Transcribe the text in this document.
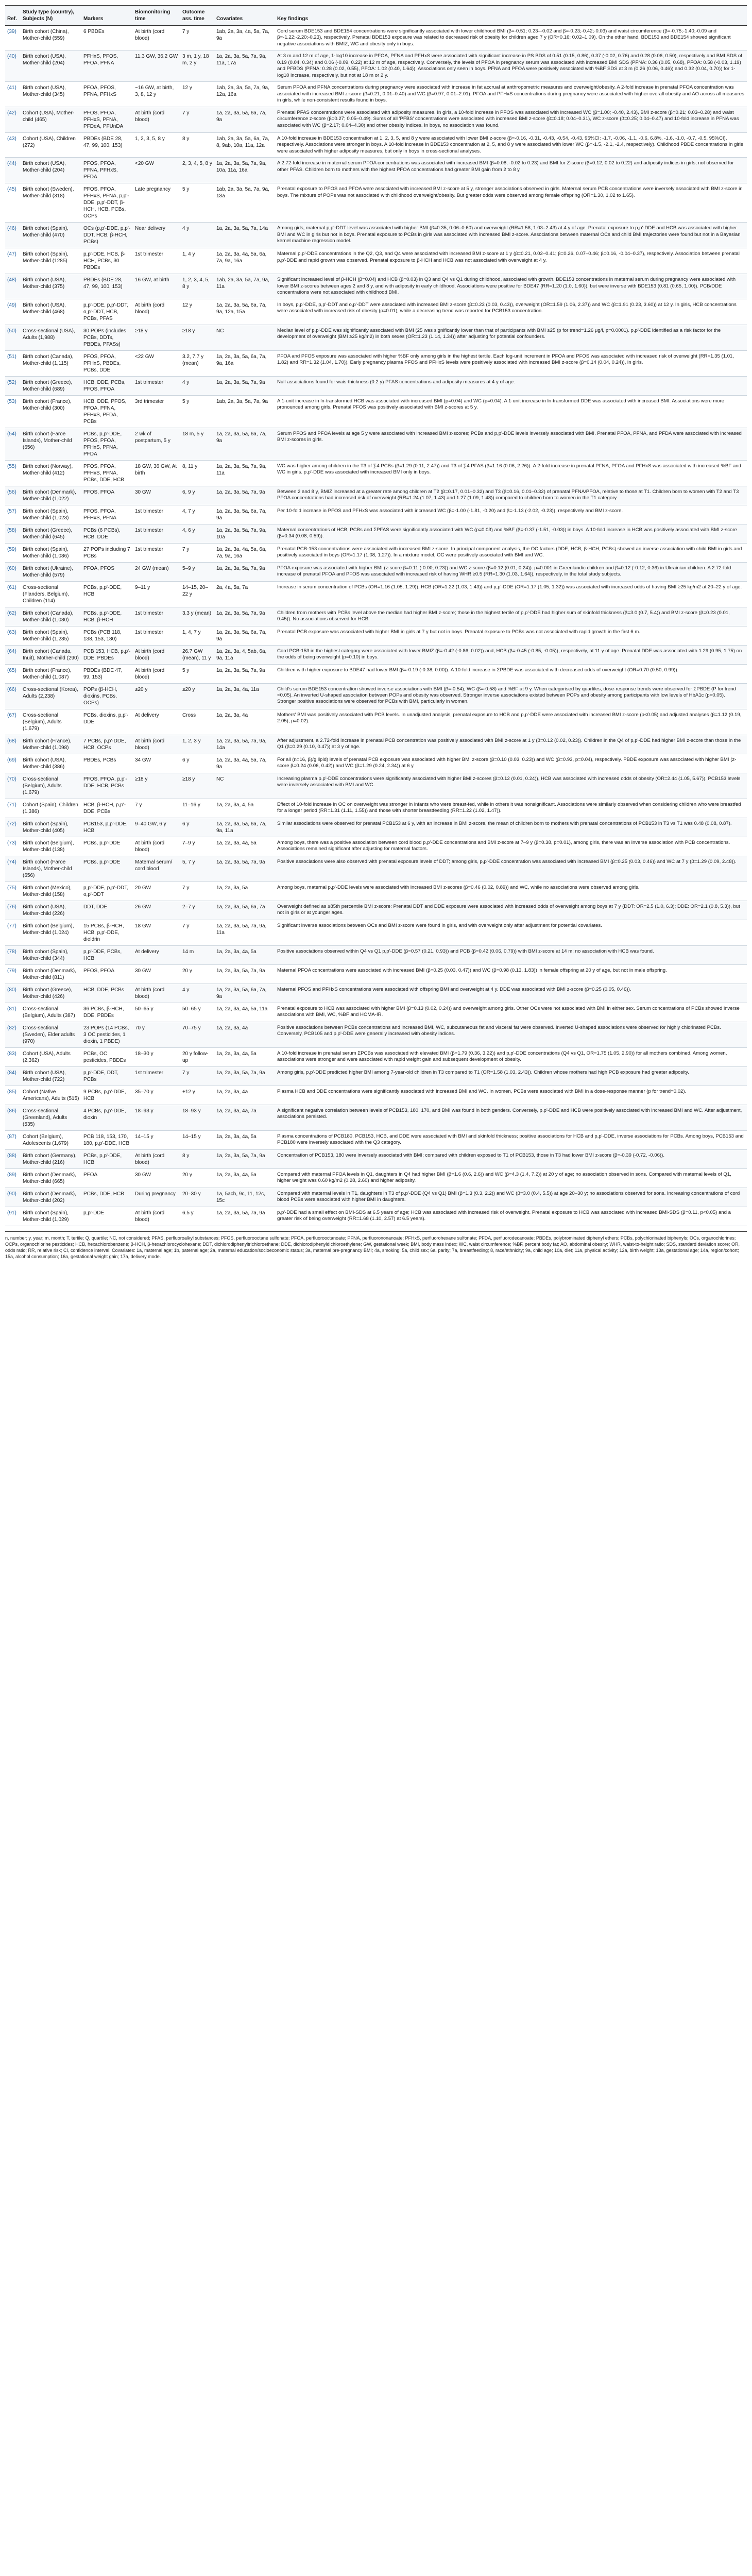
Ref.	Study type (country), Subjects (N)	Markers	Biomonitoring time	Outcome ass. time	Covariates	Key findings
(39)	Birth cohort (China), Mother-child (559)	6 PBDEs	At birth (cord blood)	7 y	1ab, 2a, 3a, 4a, 5a, 7a, 9a	Cord serum BDE153 and BDE154 concentrations were significantly associated with lower childhood BMI (β=-0.51; 0.23–-0.02 and β=-0.23;-0.42;-0.03) and waist circumference (β=-0.75;-1.40;-0.09 and β=-1.22;-2.20;-0.23), respectively. Prenatal BDE153 exposure was related to decreased risk of obesity for children aged 7 y (OR=0.16; 0.02–1.09). On the other hand, BDE153 and BDE154 showed significant negative associations with BMIZ, WC and obesity only in boys.
(40)	Birth cohort (USA), Mother-child (204)	PFHxS, PFOS, PFOA, PFNA	11.3 GW, 36.2 GW	3 m, 1 y, 18 m, 2 y	1a, 2a, 3a, 5a, 7a, 9a, 11a, 17a	At 3 m and 12 m of age, 1-log10 increase in PFOA, PFNA and PFHxS were associated with significant increase in PS BDS of 0.51 (0.15, 0.86), 0.37 (-0.02, 0.76) and 0.28 (0.06, 0.50), respectively and BMI SDS of 0.19 (0.04, 0.34) and 0.06 (-0.09, 0.22) at 12 m of age, respectively. Conversely, the levels of PFOA in pregnancy serum was associated with increased BMI SDS (PFNA: 0.36 (0.05, 0.68), PFOA: 0.58 (-0.03, 1.19) and PFBDS (PFNA: 0.28 (0.02, 0.55), PFOA: 1.02 (0.40, 1.64)). Associations only seen in boys. PFNA and PFOA were positively associated with %BF SDS at 3 m (0.26 (0.06, 0.46)) and 0.32 (0.04, 0.70)) for 1-log10 increase, respectively, but not at 18 m or 2 y.
(41)	Birth cohort (USA), Mother-child (345)	PFOA, PFOS, PFNA, PFHxS	~16 GW, at birth, 3, 8, 12 y	12 y	1ab, 2a, 3a, 5a, 7a, 9a, 12a, 16a	Serum PFOA and PFNA concentrations during pregnancy were associated with increase in fat accrual at anthropometric measures and overweight/obesity. A 2-fold increase in prenatal PFOA concentration was associated with increased BMI z-score (β=0.21, 0.01–0.40) and WC (β=0.97, 0.01–2.01). PFOA and PFHxS concentrations during pregnancy were associated with higher overall obesity and AO across all measures in girls, while non-consistent results found in boys.
(42)	Cohort (USA), Mother-child (465)	PFOS, PFOA, PFHxS, PFNA, PFDeA, PFUnDA	At birth (cord blood)	7 y	1a, 2a, 3a, 5a, 6a, 7a, 9a	Prenatal PFAS concentrations were associated with adiposity measures. In girls, a 10-fold increase in PFOS was associated with increased WC (β=1.00; -0.40, 2.43), BMI z-score (β=0.21; 0.03–0.28) and waist circumference z-score (β=0.27; 0.05–0.49). Sums of all 'PFBS' concentrations were associated with increased BMI z-score (β=0.18; 0.04–0.31), WC z-score (β=0.25; 0.04–0.47) and 10-fold increase in PFNA was associated with WC (β=2.17; 0.04–4.30) and other obesity indices. In boys, no association was found.
(43)	Cohort (USA), Children (272)	PBDEs (BDE 28, 47, 99, 100, 153)	1, 2, 3, 5, 8 y	8 y	1ab, 2a, 3a, 5a, 6a, 7a, 8, 9ab, 10a, 11a, 12a	A 10-fold increase in BDE153 concentration at 1, 2, 3, 5, and 8 y were associated with lower BMI z-score (β=-0.16, -0.31, -0.43, -0.54, -0.43, 95%CI: -1.7, -0.06, -1.1, -0.6, 6.8%, -1.6, -1.0, -0.7, -0.5, 95%CI), respectively. Associations were stronger in boys. A 10-fold increase in BDE153 concentration at 2, 5, and 8 y were associated with lower WC (β=-1.5, -2.1, -2.4, respectively). Childhood PBDE concentrations in girls were associated with higher adiposity measures, but only in boys in cross-sectional analyses.
(44)	Birth cohort (USA), Mother-child (204)	PFOS, PFOA, PFNA, PFHxS, PFDA	<20 GW	2, 3, 4, 5, 8 y	1a, 2a, 3a, 5a, 7a, 9a, 10a, 11a, 16a	A 2.72-fold increase in maternal serum PFOA concentrations was associated with increased BMI (β=0.08, -0.02 to 0.23) and BMI for Z-score (β=0.12, 0.02 to 0.22) and adiposity indices in girls; not observed for other PFAS. Children born to mothers with the highest PFOA concentrations had greater BMI gain from 2 to 8 y.
(45)	Birth cohort (Sweden), Mother-child (318)	PFOS, PFOA, PFHxS, PFNA, p,p'-DDE, p,p'-DDT, β-HCH, HCB, PCBs, OCPs	Late pregnancy	5 y	1ab, 2a, 3a, 5a, 7a, 9a, 13a	Prenatal exposure to PFOS and PFOA were associated with increased BMI z-score at 5 y, stronger associations observed in girls. Maternal serum PCB concentrations were inversely associated with BMI z-score in boys. The mixture of POPs was not associated with childhood overweight/obesity. But greater odds were observed among female offspring (OR=1.30, 1.02 to 1.65).
(46)	Birth cohort (Spain), Mother-child (470)	OCs (p,p'-DDE, p,p'-DDT, HCB, β-HCH, PCBs)	Near delivery	4 y	1a, 2a, 3a, 5a, 7a, 14a	Among girls, maternal p,p'-DDT level was associated with higher BMI (β=0.35, 0.06–0.60) and overweight (RR=1.58, 1.03–2.43) at 4 y of age. Prenatal exposure to p,p'-DDE and HCB was associated with higher BMI and WC in girls but not in boys. Prenatal exposure to PCBs in girls was associated with increased BMI z-score. Associations between maternal OCs and child BMI trajectories were found but not in a Bayesian kernel machine regression model.
(47)	Birth cohort (Spain), Mother-child (1285)	p,p'-DDE, HCB, β-HCH, PCBs, 30 PBDEs	1st trimester	1, 4 y	1a, 2a, 3a, 4a, 5a, 6a, 7a, 9a, 16a	Maternal p,p'-DDE concentrations in the Q2, Q3, and Q4 were associated with increased BMI z-score at 1 y (β=0.21, 0.02–0.41; β=0.26, 0.07–0.46; β=0.16, -0.04–0.37), respectively. Association between prenatal p,p'-DDE and rapid growth was observed. Prenatal exposure to β-HCH and HCB was not associated with overweight at 4 y.
(48)	Birth cohort (USA), Mother-child (375)	PBDEs (BDE 28, 47, 99, 100, 153)	16 GW, at birth	1, 2, 3, 4, 5, 8 y	1ab, 2a, 3a, 5a, 7a, 9a, 11a	Significant increased level of β-HCH (β=0.04) and HCB (β=0.03) in Q3 and Q4 vs Q1 during childhood, associated with growth. BDE153 concentrations in maternal serum during pregnancy were associated with lower BMI z-scores between ages 2 and 8 y, and with adiposity in early childhood. Associations were positive for BDE47 (RR=1.20 (1.0, 1.60)), but were inverse with BDE153 (0.81 (0.65, 1.00)). PCB/DDE concentrations were not associated with childhood BMI.
(49)	Birth cohort (USA), Mother-child (468)	p,p'-DDE, p,p'-DDT, o,p'-DDT, HCB, PCBs, PFAS	At birth (cord blood)	12 y	1a, 2a, 3a, 5a, 6a, 7a, 9a, 12a, 15a	In boys, p,p'-DDE, p,p'-DDT and o,p'-DDT were associated with increased BMI z-score (β=0.23 (0.03, 0.43)), overweight (OR=1.59 (1.06, 2.37)) and WC (β=1.91 (0.23, 3.60)) at 12 y. In girls, HCB concentrations were associated with increased risk of obesity (p=0.01), while a decreasing trend was reported for PCB153 concentration.
(50)	Cross-sectional (USA), Adults (1,988)	30 POPs (includes PCBs, DDTs, PBDEs, PFASs)	≥18 y	≥18 y	NC	Median level of p,p'-DDE was significantly associated with BMI (25 was significantly lower than that of participants with BMI ≥25 (p for trend=1.26 μg/l, p=0.0001). p,p'-DDE identified as a risk factor for the development of overweight (BMI ≥25 kg/m2) in both sexes (OR=1.23 (1.14, 1.34)) after adjusting for potential confounders.
(51)	Birth cohort (Canada), Mother-child (1,115)	PFOS, PFOA, PFHxS, PBDEs, PCBs, DDE	<22 GW	3.2, 7.7 y (mean)	1a, 2a, 3a, 5a, 6a, 7a, 9a, 16a	PFOA and PFOS exposure was associated with higher %BF only among girls in the highest tertile. Each log-unit increment in PFOA and PFOS was associated with increased risk of overweight (RR=1.35 (1.01, 1.82) and RR=1.32 (1.04, 1.70)). Early pregnancy plasma PFOS and PFHxS levels were positively associated with increased BMI z-score (β=0.14 (0.04, 0.24)), in girls.
(52)	Birth cohort (Greece), Mother-child (689)	HCB, DDE, PCBs, PFOS, PFOA	1st trimester	4 y	1a, 2a, 3a, 5a, 7a, 9a	Null associations found for wais-thickness (0.2 y) PFAS concentrations and adiposity measures at 4 y of age.
(53)	Birth cohort (France), Mother-child (300)	HCB, DDE, PFOS, PFOA, PFNA, PFHxS, PFDA, PCBs	3rd trimester	5 y	1ab, 2a, 3a, 5a, 7a, 9a	A 1-unit increase in ln-transformed HCB was associated with increased BMI (p=0.04) and WC (p=0.04). A 1-unit increase in ln-transformed DDE was associated with increased BMI. Associations were more pronounced among girls. Prenatal PFOS was positively associated with BMI z-scores at 5 y.
(54)	Birth cohort (Faroe Islands), Mother-child (656)	PCBs, p,p'-DDE, PFOS, PFOA, PFHxS, PFNA, PFDA	2 wk of postpartum, 5 y	18 m, 5 y	1a, 2a, 3a, 5a, 6a, 7a, 9a	Serum PFOS and PFOA levels at age 5 y were associated with increased BMI z-scores; PCBs and p,p'-DDE levels inversely associated with BMI. Prenatal PFOA, PFNA, and PFDA were associated with increased BMI z-scores in girls.
(55)	Birth cohort (Norway), Mother-child (412)	PFOS, PFOA, PFHxS, PFNA, PCBs, DDE, HCB	18 GW, 36 GW, At birth	8, 11 y	1a, 2a, 3a, 5a, 7a, 9a, 11a	WC was higher among children in the T3 of ∑4 PCBs (β=1.29 (0.11, 2.47)) and T3 of ∑4 PFAS (β=1.16 (0.06, 2.26)). A 2-fold increase in prenatal PFNA, PFOA and PFHxS was associated with increased %BF and WC in girls. p,p'-DDE was associated with increased BMI only in boys.
(56)	Birth cohort (Denmark), Mother-child (1,022)	PFOS, PFOA	30 GW	6, 9 y	1a, 2a, 3a, 5a, 7a, 9a	Between 2 and 8 y, BMIZ increased at a greater rate among children at T2 (β=0.17, 0.01–0.32) and T3 (β=0.16, 0.01–0.32) of prenatal PFNA/PFOA, relative to those at T1. Children born to women with T2 and T3 PFOA concentrations had increased risk of overweight (RR=1.24 (1.07, 1.43) and 1.27 (1.09, 1.48)) compared to children born to women in the T1 category.
(57)	Birth cohort (Spain), Mother-child (1,023)	PFOS, PFOA, PFHxS, PFNA	1st trimester	4, 7 y	1a, 2a, 3a, 5a, 6a, 7a, 9a	Per 10-fold increase in PFOS and PFHxS was associated with increased WC (β=-1.00 (-1.81, -0.20) and β=-1.13 (-2.02, -0.23)), respectively and BMI z-score.
(58)	Birth cohort (Greece), Mother-child (645)	PCBs (6 PCBs), HCB, DDE	1st trimester	4, 6 y	1a, 2a, 3a, 5a, 7a, 9a, 10a	Maternal concentrations of HCB, PCBs and ΣPFAS were significantly associated with WC (p=0.03) and %BF (β=-0.37 (-1.51, -0.03)) in boys. A 10-fold increase in HCB was positively associated with BMI z-score (β=0.34 (0.08, 0.59)).
(59)	Birth cohort (Spain), Mother-child (1,086)	27 POPs including 7 PCBs	1st trimester	7 y	1a, 2a, 3a, 4a, 5a, 6a, 7a, 9a, 16a	Prenatal PCB-153 concentrations were associated with increased BMI z-score. In principal component analysis, the OC factors (DDE, HCB, β-HCH, PCBs) showed an inverse association with child BMI in girls and positively associated in boys (OR=1.17 (1.08, 1.27)). In a mixture model, OC were positively associated with BMI and WC.
(60)	Birth cohort (Ukraine), Mother-child (579)	PFOA, PFOS	24 GW (mean)	5–9 y	1a, 2a, 3a, 5a, 7a, 9a	PFOA exposure was associated with higher BMI (z-score β=0.11 (-0.00, 0.23)) and WC z-score (β=0.12 (0.01, 0.24)). p=0.001 in Greenlandic children and β=0.12 (-0.12, 0.36) in Ukrainian children. A 2.72-fold increase of prenatal PFOA and PFOS was associated with increased risk of having WHR ≥0.5 (RR=1.30 (1.03, 1.64)), respectively, in the total study subjects.
(61)	Cross-sectional (Flanders, Belgium), Children (114)	PCBs, p,p'-DDE, HCB	9–11 y	14–15, 20–22 y	2a, 4a, 5a, 7a	Increase in serum concentration of PCBs (OR=1.16 (1.05, 1.29)), HCB (OR=1.22 (1.03, 1.43)) and p,p'-DDE (OR=1.17 (1.05, 1.32)) was associated with increased odds of having BMI ≥25 kg/m2 at 20–22 y of age.
(62)	Birth cohort (Canada), Mother-child (1,080)	PCBs, p,p'-DDE, HCB, β-HCH	1st trimester	3.3 y (mean)	1a, 2a, 3a, 5a, 7a, 9a	Children from mothers with PCBs level above the median had higher BMI z-score; those in the highest tertile of p,p'-DDE had higher sum of skinfold thickness (β=3.0 (0.7, 5.4)) and BMI z-score (β=0.23 (0.01, 0.45)). No associations observed for HCB.
(63)	Birth cohort (Spain), Mother-child (1,285)	PCBs (PCB 118, 138, 153, 180)	1st trimester	1, 4, 7 y	1a, 2a, 3a, 5a, 6a, 7a, 9a	Prenatal PCB exposure was associated with higher BMI in girls at 7 y but not in boys. Prenatal exposure to PCBs was not associated with rapid growth in the first 6 m.
(64)	Birth cohort (Canada, Inuit), Mother-child (290)	PCB 153, HCB, p,p'-DDE, PBDEs	At birth (cord blood)	26.7 GW (mean), 11 y	1a, 2a, 3a, 4, 5ab, 6a, 9a, 11a	Cord PCB-153 in the highest category were associated with lower BMIZ (β=-0.42 (-0.86, 0.02)) and, HCB (β=-0.45 (-0.85, -0.05)), respectively, at 11 y of age. Prenatal DDE was associated with 1.29 (0.95, 1.75) on the odds of being overweight (p=0.10) in boys.
(65)	Birth cohort (France), Mother-child (1,087)	PBDEs (BDE 47, 99, 153)	At birth (cord blood)	5 y	1a, 2a, 3a, 5a, 7a, 9a	Children with higher exposure to BDE47 had lower BMI (β=-0.19 (-0.38, 0.00)). A 10-fold increase in ΣPBDE was associated with decreased odds of overweight (OR=0.70 (0.50, 0.99)).
(66)	Cross-sectional (Korea), Adults (2,238)	POPs (β-HCH, dioxins, PCBs, OCPs)	≥20 y	≥20 y	1a, 2a, 3a, 4a, 11a	Child's serum BDE153 concentration showed inverse associations with BMI (β=-0.54), WC (β=-0.58) and %BF at 9 y. When categorised by quartiles, dose-response trends were observed for ΣPBDE (P for trend <0.05). An inverted U-shaped association between POPs and obesity was observed. Stronger inverse associations existed between POPs and obesity among participants with low levels of HbA1c (p<0.05). Stronger positive associations were observed for PCBs with BMI, particularly in women.
(67)	Cross-sectional (Belgium), Adults (1,679)	PCBs, dioxins, p,p'-DDE	At delivery	Cross	1a, 2a, 3a, 4a	Mothers' BMI was positively associated with PCB levels. In unadjusted analysis, prenatal exposure to HCB and p,p'-DDE were associated with increased BMI z-score (p<0.05) and adjusted analyses (β=1.12 (0.19, 2.05), p=0.02).
(68)	Birth cohort (France), Mother-child (1,098)	7 PCBs, p,p'-DDE, HCB, OCPs	At birth (cord blood)	1, 2, 3 y	1a, 2a, 3a, 5a, 7a, 9a, 14a	After adjustment, a 2.72-fold increase in prenatal PCB concentration was positively associated with BMI z-score at 1 y (β=0.12 (0.02, 0.23)). Children in the Q4 of p,p'-DDE had higher BMI z-score than those in the Q1 (β=0.29 (0.10, 0.47)) at 3 y of age.
(69)	Birth cohort (USA), Mother-child (386)	PBDEs, PCBs	34 GW	6 y	1a, 2a, 3a, 4a, 5a, 7a, 9a	For all (n=16, β)/g lipid) levels of prenatal PCB exposure was associated with higher BMI z-score (β=0.10 (0.03, 0.23)) and WC (β=0.93, p=0.04), respectively. PBDE exposure was associated with higher BMI (z-score β=0.24 (0.06, 0.42)) and WC (β=1.29 (0.24, 2.34)) at 6 y.
(70)	Cross-sectional (Belgium), Adults (1,679)	PFOS, PFOA, p,p'-DDE, HCB, PCBs	≥18 y	≥18 y	NC	Increasing plasma p,p'-DDE concentrations were significantly associated with higher BMI z-scores (β=0.12 (0.01, 0.24)), HCB was associated with increased odds of obesity (OR=2.44 (1.05, 5.67)). PCB153 levels were inversely associated with BMI and WC.
(71)	Cohort (Spain), Children (1,386)	HCB, β-HCH, p,p'-DDE, PCBs	7 y	11–16 y	1a, 2a, 3a, 4, 5a	Effect of 10-fold increase in OC on overweight was stronger in infants who were breast-fed, while in others it was nonsignificant. Associations were similarly observed when considering children who were breastfed for a longer period (RR=1.31 (1.11, 1.55)) and those with shorter breastfeeding (RR=1.22 (1.02, 1.47)).
(72)	Birth cohort (Spain), Mother-child (405)	PCB153, p,p'-DDE, HCB	9–40 GW, 6 y	6 y	1a, 2a, 3a, 5a, 6a, 7a, 9a, 11a	Similar associations were observed for prenatal PCB153 at 6 y, with an increase in BMI z-score, the mean of children born to mothers with prenatal concentrations of PCB153 in T3 vs T1 was 0.48 (0.08, 0.87).
(73)	Birth cohort (Belgium), Mother-child (138)	PCBs, p,p'-DDE	At birth (cord blood)	7–9 y	1a, 2a, 3a, 4a, 5a	Among boys, there was a positive association between cord blood p,p'-DDE concentrations and BMI z-score at 7–9 y (β=0.38, p=0.01), among girls, there was an inverse association with PCB concentrations. Associations remained significant after adjusting for maternal factors.
(74)	Birth cohort (Faroe Islands), Mother-child (656)	PCBs, p,p'-DDE	Maternal serum/ cord blood	5, 7 y	1a, 2a, 3a, 5a, 7a, 9a	Positive associations were also observed with prenatal exposure levels of DDT; among girls, p,p'-DDE concentration was associated with increased BMI (β=0.25 (0.03, 0.46)) and WC at 7 y (β=1.29 (0.09, 2.48)).
(75)	Birth cohort (Mexico), Mother-child (158)	p,p'-DDE, p,p'-DDT, o,p'-DDT	20 GW	7 y	1a, 2a, 3a, 5a	Among boys, maternal p,p'-DDE levels were associated with increased BMI z-scores (β=0.46 (0.02, 0.89)) and WC, while no associations were observed among girls.
(76)	Birth cohort (USA), Mother-child (226)	DDT, DDE	26 GW	2–7 y	1a, 2a, 3a, 5a, 6a, 7a	Overweight defined as ≥85th percentile BMI z-score: Prenatal DDT and DDE exposure were associated with increased odds of overweight among boys at 7 y (DDT: OR=2.5 (1.0, 6.3); DDE: OR=2.1 (0.8, 5.3)), but not in girls or at younger ages.
(77)	Birth cohort (Belgium), Mother-child (1,024)	15 PCBs, β-HCH, HCB, p,p'-DDE, dieldrin	18 GW	7 y	1a, 2a, 3a, 5a, 7a, 9a, 11a	Significant inverse associations between OCs and BMI z-score were found in girls, and with overweight only after adjustment for potential covariates.
(78)	Birth cohort (Spain), Mother-child (344)	p,p'-DDE, PCBs, HCB	At delivery	14 m	1a, 2a, 3a, 4a, 5a	Positive associations observed within Q4 vs Q1 p,p'-DDE (β=0.57 (0.21, 0.93)) and PCB (β=0.42 (0.06, 0.79)) with BMI z-score at 14 m; no association with HCB was found.
(79)	Birth cohort (Denmark), Mother-child (811)	PFOS, PFOA	30 GW	20 y	1a, 2a, 3a, 5a, 7a, 9a	Maternal PFOA concentrations were associated with increased BMI (β=0.25 (0.03, 0.47)) and WC (β=0.98 (0.13, 1.83)) in female offspring at 20 y of age, but not in male offspring.
(80)	Birth cohort (Greece), Mother-child (426)	HCB, DDE, PCBs	At birth (cord blood)	4 y	1a, 2a, 3a, 5a, 6a, 7a, 9a	Maternal PFOS and PFHxS concentrations were associated with offspring BMI and overweight at 4 y. DDE was associated with BMI z-score (β=0.25 (0.05, 0.46)).
(81)	Cross-sectional (Belgium), Adults (387)	36 PCBs, β-HCH, DDE, PBDEs	50–65 y	50–65 y	1a, 2a, 3a, 4a, 5a, 11a	Prenatal exposure to HCB was associated with higher BMI (β=0.13 (0.02, 0.24)) and overweight among girls. Other OCs were not associated with BMI in either sex. Serum concentrations of PCBs showed inverse associations with BMI, WC, %BF and HOMA-IR.
(82)	Cross-sectional (Sweden), Elder adults (970)	23 POPs (14 PCBs, 3 OC pesticides, 1 dioxin, 1 PBDE)	70 y	70–75 y	1a, 2a, 3a, 4a	Positive associations between PCBs concentrations and increased BMI, WC, subcutaneous fat and visceral fat were observed. Inverted U-shaped associations were observed for highly chlorinated PCBs. Conversely, PCB105 and p,p'-DDE were generally increased with obesity indices.
(83)	Cohort (USA), Adults (2,362)	PCBs, OC pesticides, PBDEs	18–30 y	20 y follow-up	1a, 2a, 3a, 4a, 5a	A 10-fold increase in prenatal serum ΣPCBs was associated with elevated BMI (β=1.79 (0.36, 3.22)) and p,p'-DDE concentrations (Q4 vs Q1, OR=1.75 (1.05, 2.90)) for all mothers combined. Among women, associations were stronger and were associated with rapid weight gain and subsequent development of obesity.
(84)	Birth cohort (USA), Mother-child (722)	p,p'-DDE, DDT, PCBs	1st trimester	7 y	1a, 2a, 3a, 5a, 7a, 9a	Among girls, p,p'-DDE predicted higher BMI among 7-year-old children in T3 compared to T1 (OR=1.58 (1.03, 2.43)). Children whose mothers had high PCB exposure had greater adiposity.
(85)	Cohort (Native Americans), Adults (515)	9 PCBs, p,p'-DDE, HCB	35–70 y	+12 y	1a, 2a, 3a, 4a	Plasma HCB and DDE concentrations were significantly associated with increased BMI and WC. In women, PCBs were associated with BMI in a dose-response manner (p for trend=0.02).
(86)	Cross-sectional (Greenland), Adults (535)	4 PCBs, p,p'-DDE, dioxin	18–93 y	18–93 y	1a, 2a, 3a, 4a, 7a	A significant negative correlation between levels of PCB153, 180, 170, and BMI was found in both genders. Conversely, p,p'-DDE and HCB were positively associated with increased BMI and WC. After adjustment, associations persisted.
(87)	Cohort (Belgium), Adolescents (1,679)	PCB 118, 153, 170, 180, p,p'-DDE, HCB	14–15 y	14–15 y	1a, 2a, 3a, 4a, 5a	Plasma concentrations of PCB180, PCB153, HCB, and DDE were associated with BMI and skinfold thickness; positive associations for HCB and p,p'-DDE, inverse associations for PCBs. Among boys, PCB153 and PCB180 were inversely associated with the Q3 category.
(88)	Birth cohort (Germany), Mother-child (216)	PCBs, p,p'-DDE, HCB	At birth (cord blood)	8 y	1a, 2a, 3a, 5a, 7a, 9a	Concentration of PCB153, 180 were inversely associated with BMI; compared with children exposed to T1 of PCB153, those in T3 had lower BMI z-score (β=-0.39 (-0.72, -0.06)).
(89)	Birth cohort (Denmark), Mother-child (665)	PFOA	30 GW	20 y	1a, 2a, 3a, 4a, 5a	Compared with maternal PFOA levels in Q1, daughters in Q4 had higher BMI (β=1.6 (0.6, 2.6)) and WC (β=4.3 (1.4, 7.2)) at 20 y of age; no association observed in sons. Compared with maternal levels of Q1, higher weight was 0.60 kg/m2 (0.28, 2.60) and higher adiposity.
(90)	Birth cohort (Denmark), Mother-child (202)	PCBs, DDE, HCB	During pregnancy	20–30 y	1a, 5ach, 9c, 11, 12c, 15c	Compared with maternal levels in T1, daughters in T3 of p,p'-DDE (Q4 vs Q1) BMI (β=1.3 (0.3, 2.2)) and WC (β=3.0 (0.4, 5.5)) at age 20–30 y; no associations observed for sons. Increasing concentrations of cord blood PCBs were associated with higher BMI in daughters.
(91)	Birth cohort (Spain), Mother-child (1,029)	p,p'-DDE	At birth (cord blood)	6.5 y	1a, 2a, 3a, 5a, 7a, 9a	p,p'-DDE had a small effect on BMI-SDS at 6.5 years of age; HCB was associated with increased risk of overweight. Prenatal exposure to HCB was associated with increased BMI-SDS (β=0.11, p<0.05) and a greater risk of being overweight (RR=1.68 (1.10, 2.57) at 6.5 years).
n, number; y, year; m, month; T, tertile; Q, quartile; NC, not considered; PFAS, perfluoroalkyl substances; PFOS, perfluorooctane sulfonate; PFOA, perfluorooctanoate; PFNA, perfluorononanoate; PFHxS, perfluorohexane sulfonate; PFDA, perfluorodecanoate; PBDEs, polybrominated diphenyl ethers; PCBs, polychlorinated biphenyls; OCs, organochlorines; OCPs, organochlorine pesticides; HCB, hexachlorobenzene; β-HCH, β-hexachlorocyclohexane; DDT, dichlorodiphenyltrichloroethane; DDE, dichlorodiphenyldichloroethylene; GW, gestational week; BMI, body mass index; WC, waist circumference; %BF, percent body fat; AO, abdominal obesity; WHR, waist-to-height ratio; SDS, standard deviation score; OR, odds ratio; RR, relative risk; CI, confidence interval. Covariates: 1a, maternal age; 1b, paternal age; 2a, maternal education/socioeconomic status; 3a, maternal pre-pregnancy BMI; 4a, smoking; 5a, child sex; 6a, parity; 7a, breastfeeding; 8, race/ethnicity; 9a, child age; 10a, diet; 11a, physical activity; 12a, birth weight; 13a, gestational age; 14a, region/cohort; 15a, alcohol consumption; 16a, gestational weight gain; 17a, delivery mode.
